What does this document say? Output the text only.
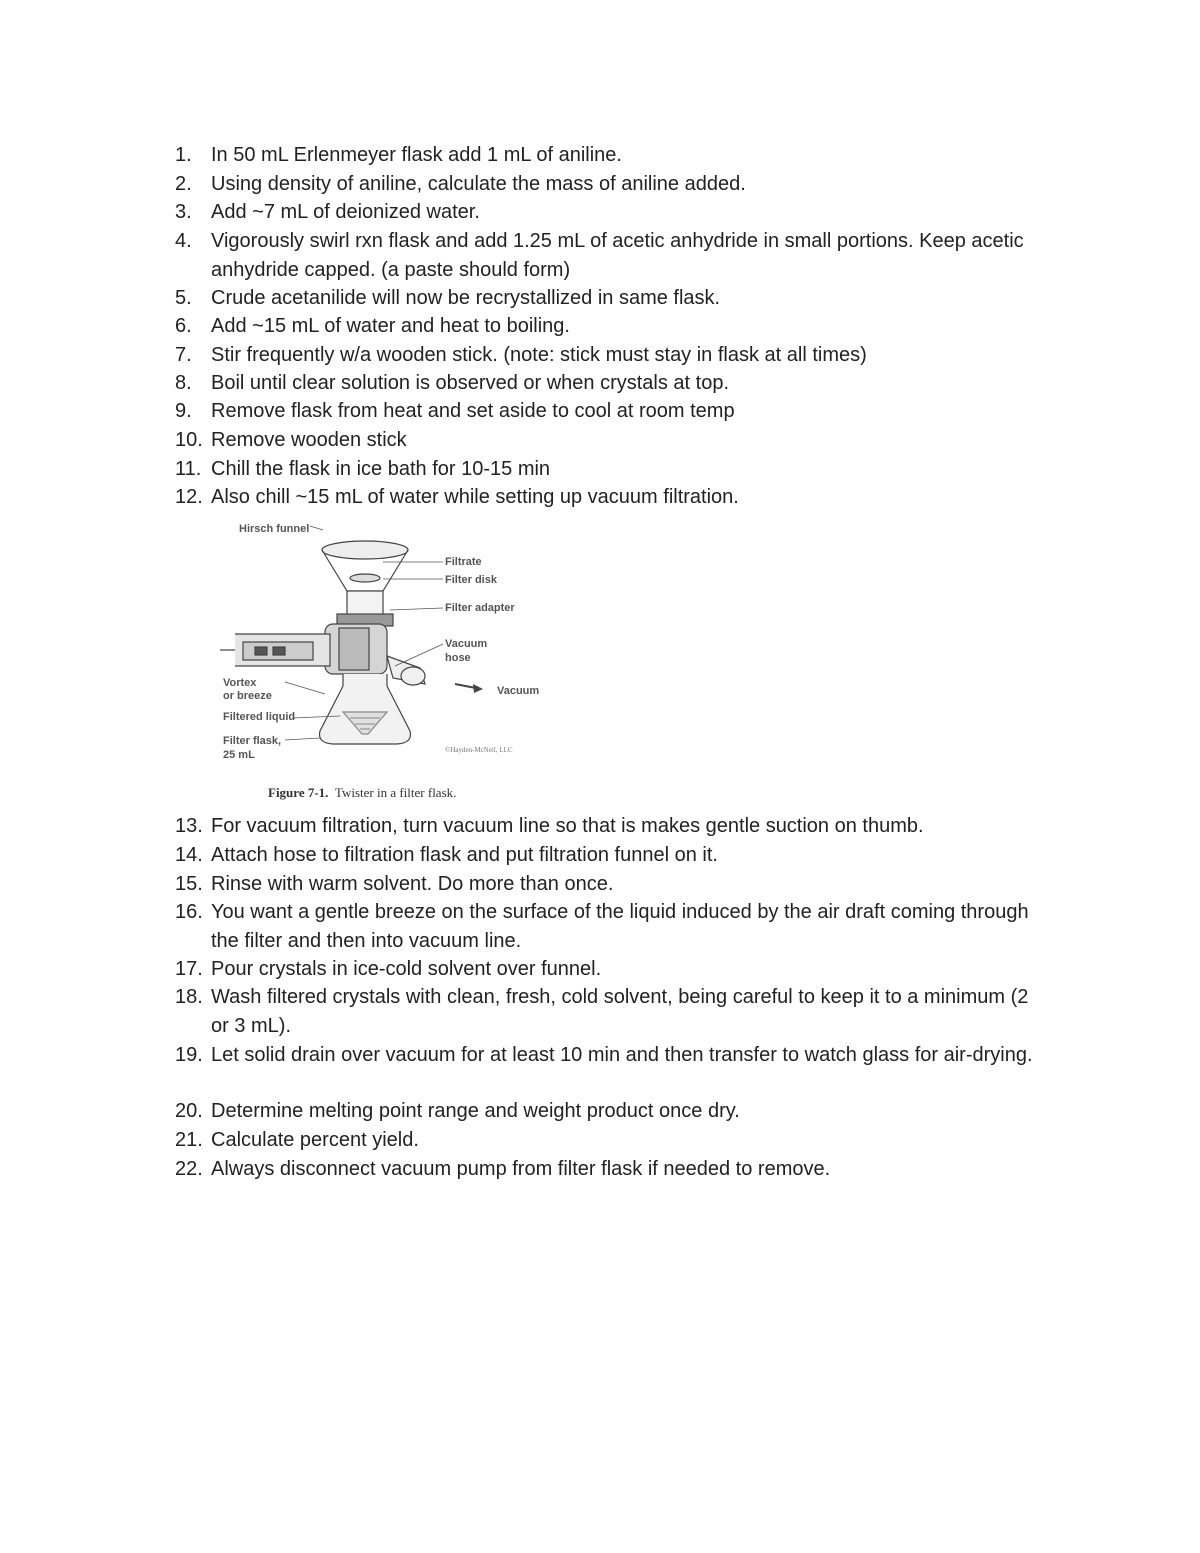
1. In 50 mL Erlenmeyer flask add 1 mL of aniline.
2. Using density of aniline, calculate the mass of aniline added.
3. Add ~7 mL of deionized water.
4. Vigorously swirl rxn flask and add 1.25 mL of acetic anhydride in small portions. Keep acetic anhydride capped. (a paste should form)
5. Crude acetanilide will now be recrystallized in same flask.
6. Add ~15 mL of water and heat to boiling.
7. Stir frequently w/a wooden stick. (note: stick must stay in flask at all times)
8. Boil until clear solution is observed or when crystals at top.
9. Remove flask from heat and set aside to cool at room temp
10. Remove wooden stick
11. Chill the flask in ice bath for 10-15 min
12. Also chill ~15 mL of water while setting up vacuum filtration.
13. For vacuum filtration, turn vacuum line so that is makes gentle suction on thumb.
14. Attach hose to filtration flask and put filtration funnel on it.
15. Rinse with warm solvent. Do more than once.
16. You want a gentle breeze on the surface of the liquid induced by the air draft coming through the filter and then into vacuum line.
17. Pour crystals in ice-cold solvent over funnel.
18. Wash filtered crystals with clean, fresh, cold solvent, being careful to keep it to a minimum (2 or 3 mL).
19. Let solid drain over vacuum for at least 10 min and then transfer to watch glass for air-drying.
20. Determine melting point range and weight product once dry.
21. Calculate percent yield.
22. Always disconnect vacuum pump from filter flask if needed to remove.
Hirsch funnel
Filtrate
Filter disk
Filter adapter
Vacuum
hose
Vacuum
Vortex
or breeze
Filtered liquid
Filter flask,
25 mL	©Hayden-McNeil, LLC
Figure 7-1. Twister in a filter flask.
